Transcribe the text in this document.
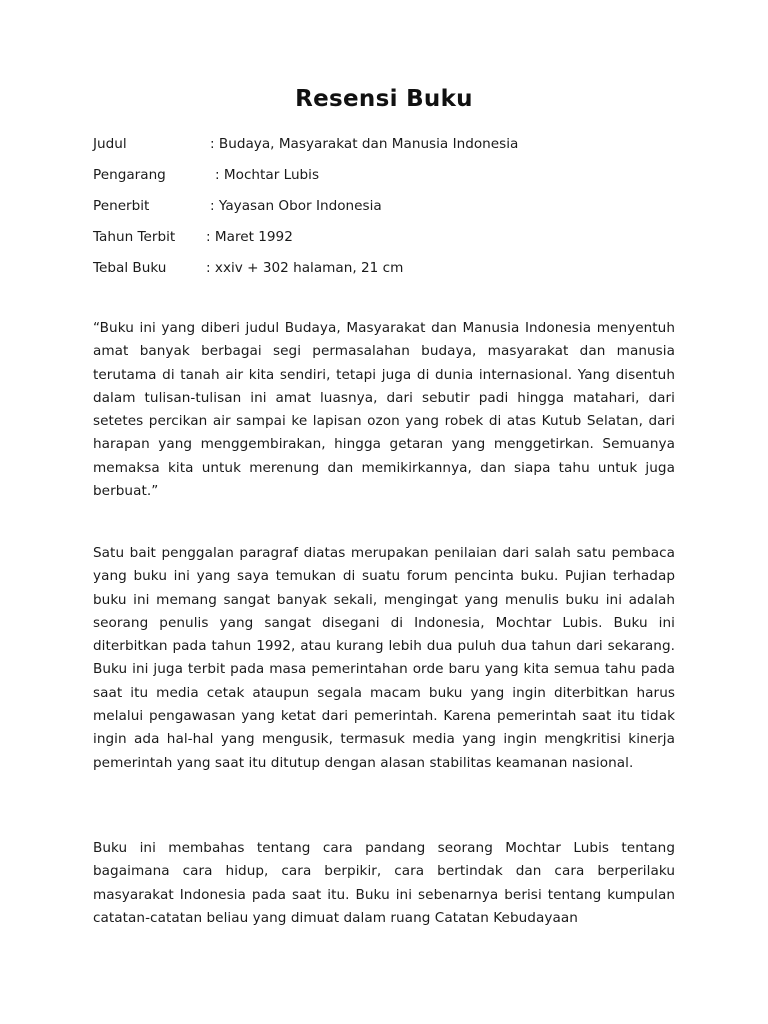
Resensi Buku
Judul	: Budaya, Masyarakat dan Manusia Indonesia
Pengarang	: Mochtar Lubis
Penerbit	: Yayasan Obor Indonesia
Tahun Terbit : Maret 1992
Tebal Buku	: xxiv + 302 halaman, 21 cm

“Buku ini yang diberi judul Budaya, Masyarakat dan Manusia Indonesia menyentuh amat banyak berbagai segi permasalahan budaya, masyarakat dan manusia terutama di tanah air kita sendiri, tetapi juga di dunia internasional. Yang disentuh dalam tulisan-tulisan ini amat luasnya, dari sebutir padi hingga matahari, dari setetes percikan air sampai ke lapisan ozon yang robek di atas Kutub Selatan, dari harapan yang menggembirakan, hingga getaran yang menggetirkan. Semuanya memaksa kita untuk merenung dan memikirkannya, dan siapa tahu untuk juga berbuat.”

Satu bait penggalan paragraf diatas merupakan penilaian dari salah satu pembaca yang buku ini yang saya temukan di suatu forum pencinta buku. Pujian terhadap buku ini memang sangat banyak sekali, mengingat yang menulis buku ini adalah seorang penulis yang sangat disegani di Indonesia, Mochtar Lubis. Buku ini diterbitkan pada tahun 1992, atau kurang lebih dua puluh dua tahun dari sekarang. Buku ini juga terbit pada masa pemerintahan orde baru yang kita semua tahu pada saat itu media cetak ataupun segala macam buku yang ingin diterbitkan harus melalui pengawasan yang ketat dari pemerintah. Karena pemerintah saat itu tidak ingin ada hal-hal yang mengusik, termasuk media yang ingin mengkritisi kinerja pemerintah yang saat itu ditutup dengan alasan stabilitas keamanan nasional.

Buku ini membahas tentang cara pandang seorang Mochtar Lubis tentang bagaimana cara hidup, cara berpikir, cara bertindak dan cara berperilaku masyarakat Indonesia pada saat itu. Buku ini sebenarnya berisi tentang kumpulan catatan-catatan beliau yang dimuat dalam ruang Catatan Kebudayaan
